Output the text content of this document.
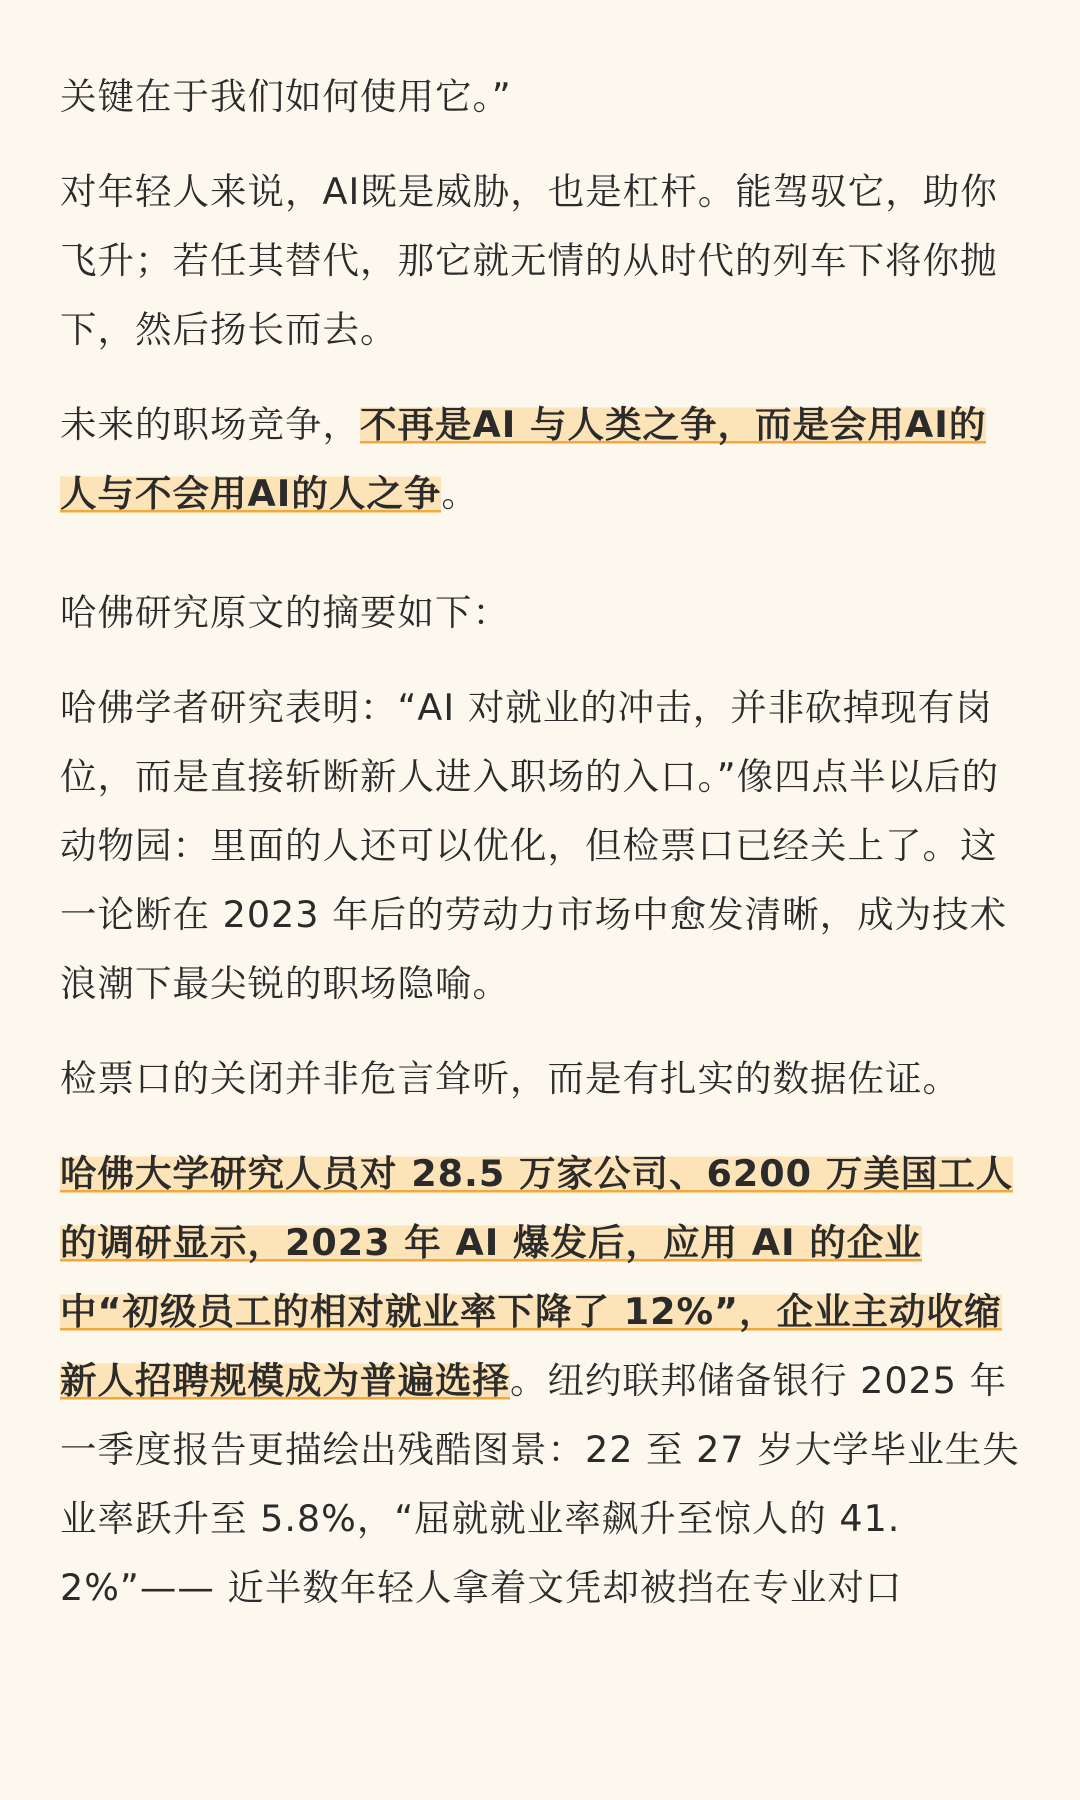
关键在于我们如何使用它。”

对年轻人来说，AI既是威胁，也是杠杆。能驾驭它，助你飞升；若任其替代，那它就无情的从时代的列车下将你抛下，然后扬长而去。

未来的职场竞争，不再是AI 与人类之争，而是会用AI的人与不会用AI的人之争。

哈佛研究原文的摘要如下：

哈佛学者研究表明：“AI 对就业的冲击，并非砍掉现有岗位，而是直接斩断新人进入职场的入口。”像四点半以后的动物园：里面的人还可以优化，但检票口已经关上了。这一论断在 2023 年后的劳动力市场中愈发清晰，成为技术浪潮下最尖锐的职场隐喻。

检票口的关闭并非危言耸听，而是有扎实的数据佐证。

哈佛大学研究人员对 28.5 万家公司、6200 万美国工人的调研显示，2023 年 AI 爆发后，应用 AI 的企业中“初级员工的相对就业率下降了 12%”，企业主动收缩新人招聘规模成为普遍选择。纽约联邦储备银行 2025 年一季度报告更描绘出残酷图景：22 至 27 岁大学毕业生失业率跃升至 5.8%，“屈就就业率飙升至惊人的 41.2%”—— 近半数年轻人拿着文凭却被挡在专业对口
